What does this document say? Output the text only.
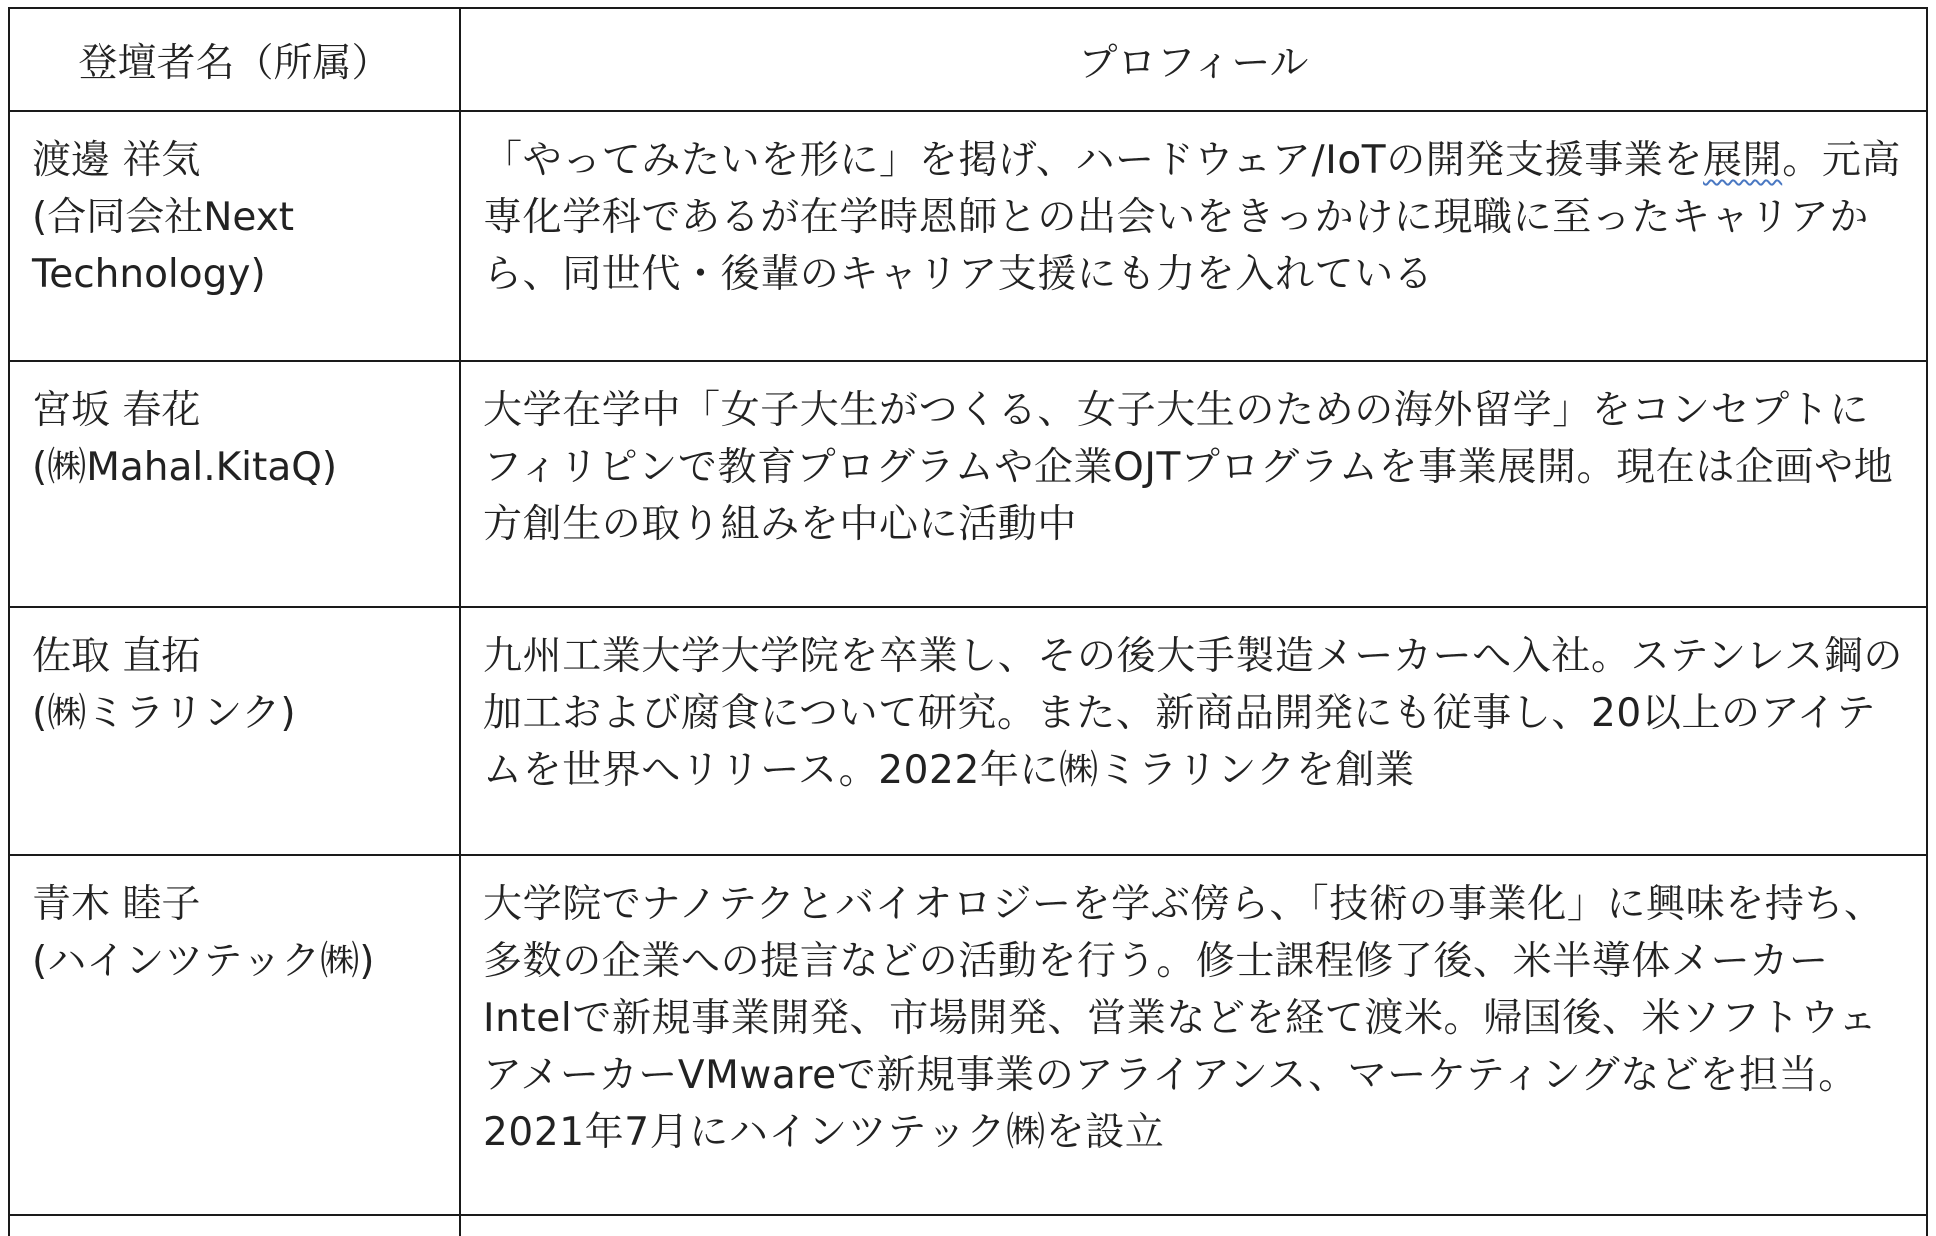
登壇者名（所属）	プロフィール

渡邊 祥気
(合同会社Next Technology)	「やってみたいを形に」を掲げ、ハードウェア/IoTの開発支援事業を展開。元高専化学科であるが在学時恩師との出会いをきっかけに現職に至ったキャリアから、同世代・後輩のキャリア支援にも力を入れている

宮坂 春花
(㈱Mahal.KitaQ)	大学在学中「女子大生がつくる、女子大生のための海外留学」をコンセプトにフィリピンで教育プログラムや企業OJTプログラムを事業展開。現在は企画や地方創生の取り組みを中心に活動中

佐取 直拓
(㈱ミラリンク)	九州工業大学大学院を卒業し、その後大手製造メーカーへ入社。ステンレス鋼の加工および腐食について研究。また、新商品開発にも従事し、20以上のアイテムを世界へリリース。2022年に㈱ミラリンクを創業

青木 睦子
(ハインツテック㈱)	大学院でナノテクとバイオロジーを学ぶ傍ら、「技術の事業化」に興味を持ち、多数の企業への提言などの活動を行う。修士課程修了後、米半導体メーカーIntelで新規事業開発、市場開発、営業などを経て渡米。帰国後、米ソフトウェアメーカーVMwareで新規事業のアライアンス、マーケティングなどを担当。2021年7月にハインツテック㈱を設立
